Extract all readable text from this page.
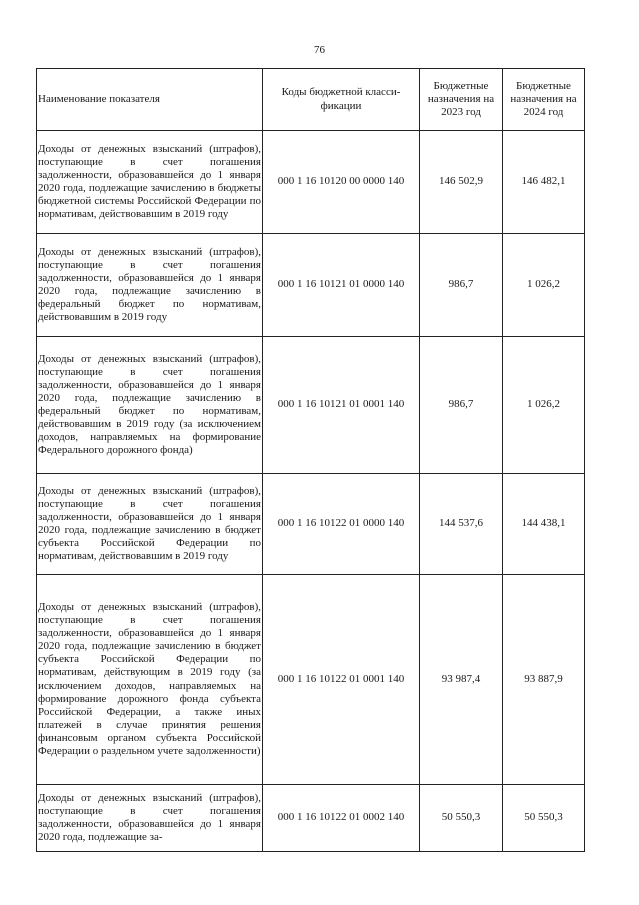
76
Наименование показателя	Коды бюджетной класси-фикации	Бюджетные назначения на 2023 год	Бюджетные назначения на 2024 год
Доходы от денежных взысканий (штрафов), поступающие в счет погашения задолженности, образовавшейся до 1 января 2020 года, подлежащие зачислению в бюджеты бюджетной системы Российской Федерации по нормативам, действовавшим в 2019 году	000 1 16 10120 00 0000 140	146 502,9	146 482,1
Доходы от денежных взысканий (штрафов), поступающие в счет погашения задолженности, образовавшейся до 1 января 2020 года, подлежащие зачислению в федеральный бюджет по нормативам, действовавшим в 2019 году	000 1 16 10121 01 0000 140	986,7	1 026,2
Доходы от денежных взысканий (штрафов), поступающие в счет погашения задолженности, образовавшейся до 1 января 2020 года, подлежащие зачислению в федеральный бюджет по нормативам, действовавшим в 2019 году (за исключением доходов, направляемых на формирование Федерального дорожного фонда)	000 1 16 10121 01 0001 140	986,7	1 026,2
Доходы от денежных взысканий (штрафов), поступающие в счет погашения задолженности, образовавшейся до 1 января 2020 года, подлежащие зачислению в бюджет субъекта Российской Федерации по нормативам, действовавшим в 2019 году	000 1 16 10122 01 0000 140	144 537,6	144 438,1
Доходы от денежных взысканий (штрафов), поступающие в счет погашения задолженности, образовавшейся до 1 января 2020 года, подлежащие зачислению в бюджет субъекта Российской Федерации по нормативам, действующим в 2019 году (за исключением доходов, направляемых на формирование дорожного фонда субъекта Российской Федерации, а также иных платежей в случае принятия решения финансовым органом субъекта Российской Федерации о раздельном учете задолженности)	000 1 16 10122 01 0001 140	93 987,4	93 887,9
Доходы от денежных взысканий (штрафов), поступающие в счет погашения задолженности, образовавшейся до 1 января 2020 года, подлежащие за-	000 1 16 10122 01 0002 140	50 550,3	50 550,3
